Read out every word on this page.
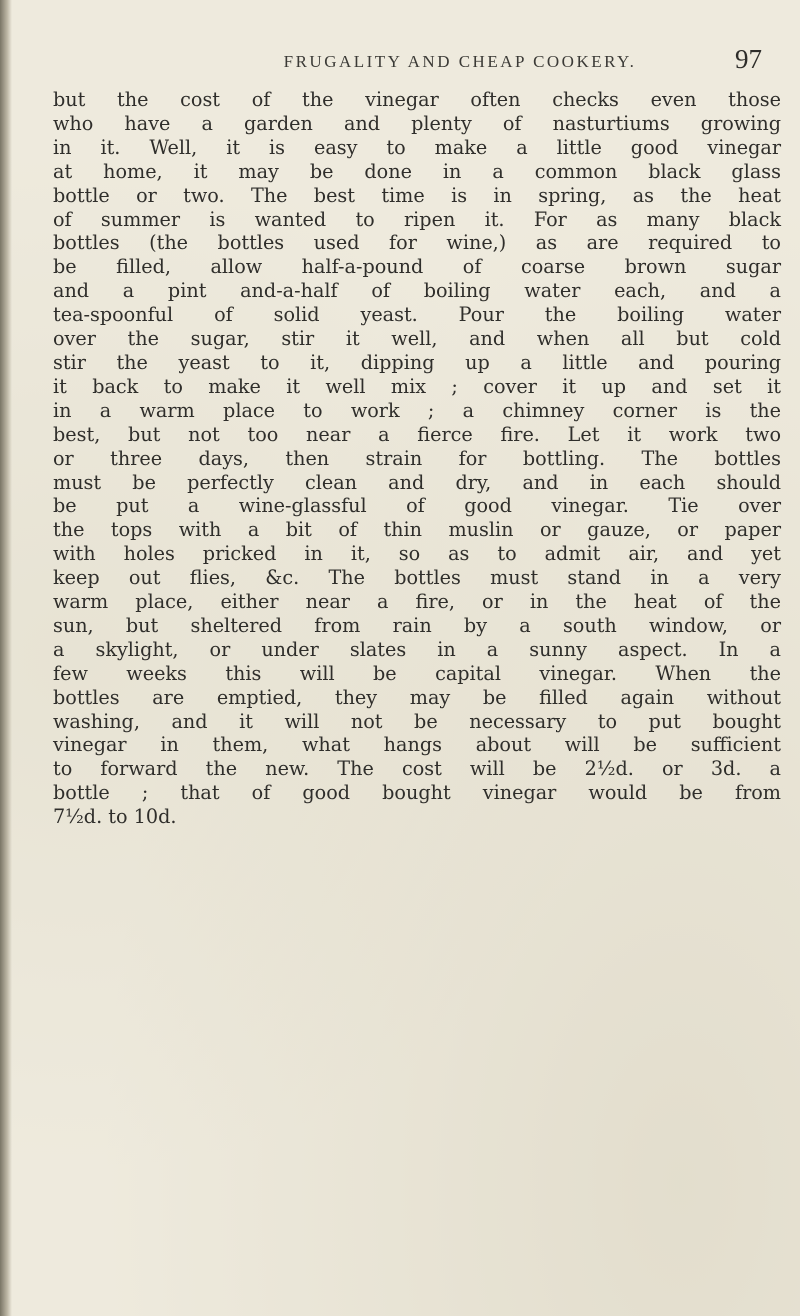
FRUGALITY AND CHEAP COOKERY.	97
but the cost of the vinegar often checks even those
who have a garden and plenty of nasturtiums growing
in it. Well, it is easy to make a little good vinegar
at home, it may be done in a common black glass
bottle or two. The best time is in spring, as the heat
of summer is wanted to ripen it. For as many black
bottles (the bottles used for wine,) as are required to
be filled, allow half-a-pound of coarse brown sugar
and a pint and-a-half of boiling water each, and a
tea-spoonful of solid yeast. Pour the boiling water
over the sugar, stir it well, and when all but cold
stir the yeast to it, dipping up a little and pouring
it back to make it well mix ; cover it up and set it
in a warm place to work ; a chimney corner is the
best, but not too near a fierce fire. Let it work two
or three days, then strain for bottling. The bottles
must be perfectly clean and dry, and in each should
be put a wine-glassful of good vinegar. Tie over
the tops with a bit of thin muslin or gauze, or paper
with holes pricked in it, so as to admit air, and yet
keep out flies, &c. The bottles must stand in a very
warm place, either near a fire, or in the heat of the
sun, but sheltered from rain by a south window, or
a skylight, or under slates in a sunny aspect. In a
few weeks this will be capital vinegar. When the
bottles are emptied, they may be filled again without
washing, and it will not be necessary to put bought
vinegar in them, what hangs about will be sufficient
to forward the new. The cost will be 2½d. or 3d. a
bottle ; that of good bought vinegar would be from
7½d. to 10d.
